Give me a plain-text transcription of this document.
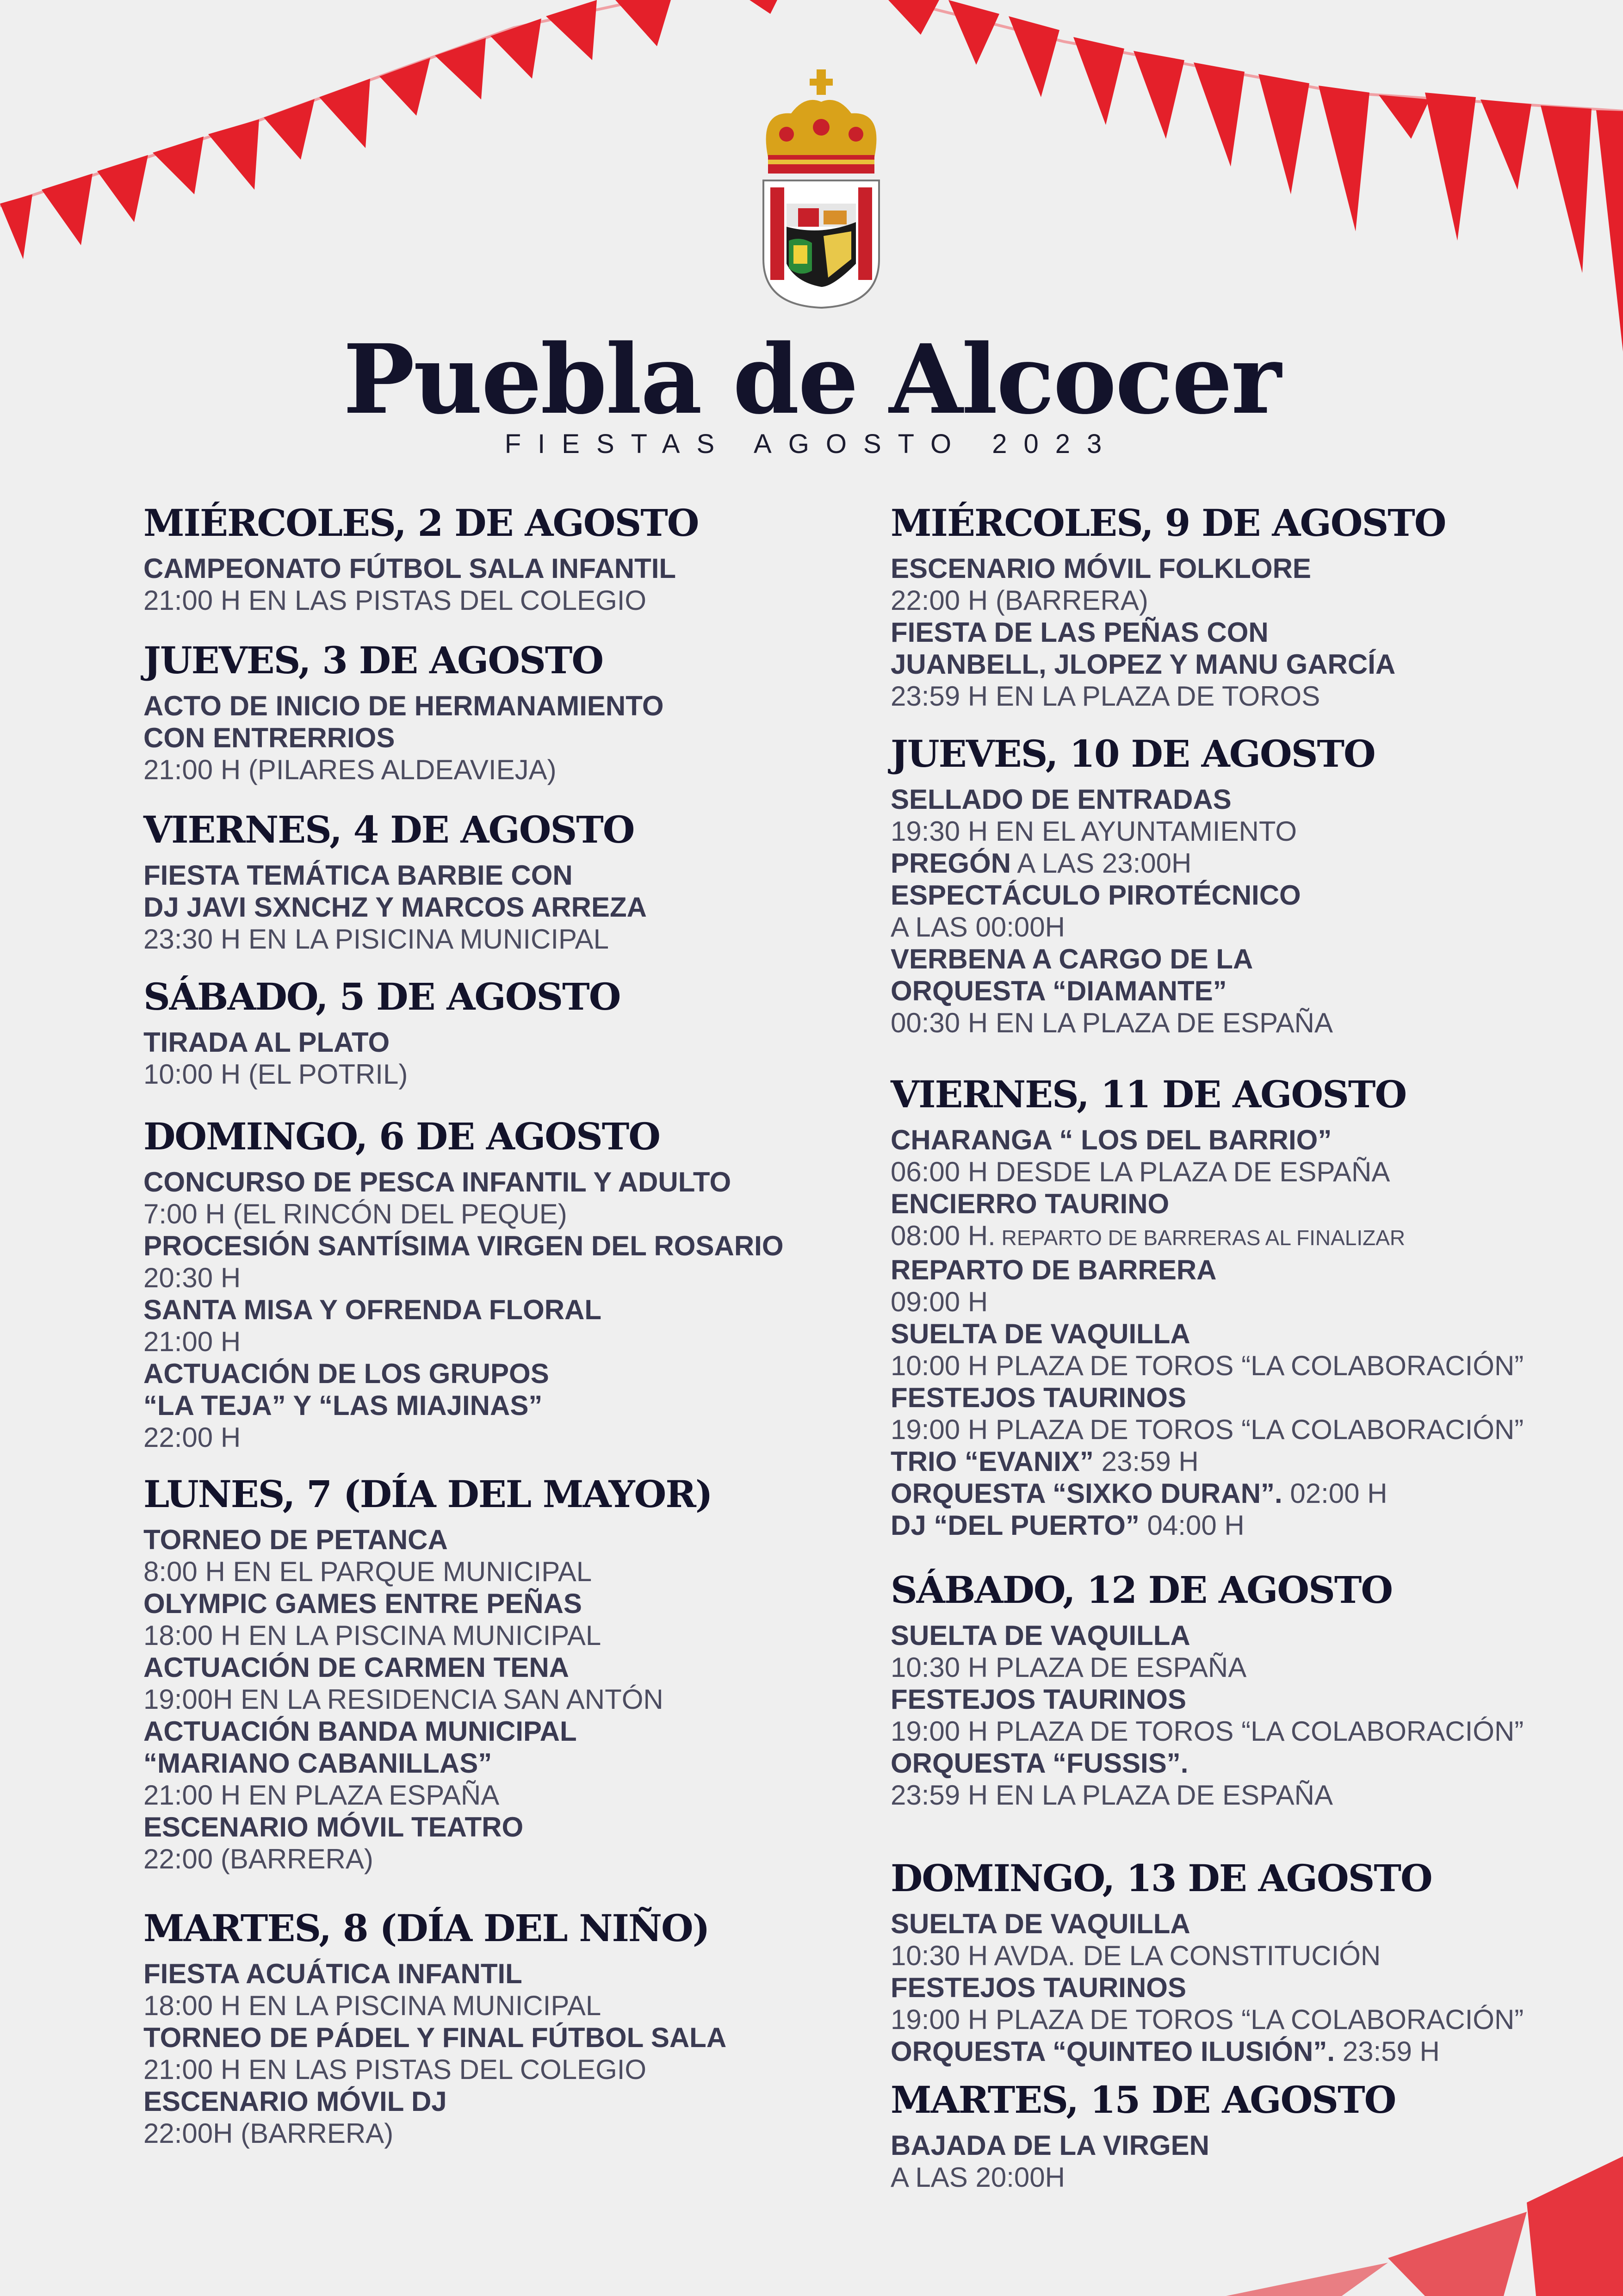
Puebla de Alcocer
FIESTAS AGOSTO 2023
MIÉRCOLES, 2 DE AGOSTO
CAMPEONATO FÚTBOL SALA INFANTIL
21:00 H EN LAS PISTAS DEL COLEGIO
JUEVES, 3 DE AGOSTO
ACTO DE INICIO DE HERMANAMIENTO
CON ENTRERRIOS
21:00 H (PILARES ALDEAVIEJA)
VIERNES, 4 DE AGOSTO
FIESTA TEMÁTICA BARBIE CON
DJ JAVI SXNCHZ Y MARCOS ARREZA
23:30 H EN LA PISICINA MUNICIPAL
SÁBADO, 5 DE AGOSTO
TIRADA AL PLATO
10:00 H (EL POTRIL)
DOMINGO, 6 DE AGOSTO
CONCURSO DE PESCA INFANTIL Y ADULTO
7:00 H (EL RINCÓN DEL PEQUE)
PROCESIÓN SANTÍSIMA VIRGEN DEL ROSARIO
20:30 H
SANTA MISA Y OFRENDA FLORAL
21:00 H
ACTUACIÓN DE LOS GRUPOS
“LA TEJA” Y “LAS MIAJINAS”
22:00 H
LUNES, 7 (DÍA DEL MAYOR)
TORNEO DE PETANCA
8:00 H EN EL PARQUE MUNICIPAL
OLYMPIC GAMES ENTRE PEÑAS
18:00 H EN LA PISCINA MUNICIPAL
ACTUACIÓN DE CARMEN TENA
19:00H EN LA RESIDENCIA SAN ANTÓN
ACTUACIÓN BANDA MUNICIPAL
“MARIANO CABANILLAS”
21:00 H EN PLAZA ESPAÑA
ESCENARIO MÓVIL TEATRO
22:00 (BARRERA)
MARTES, 8 (DÍA DEL NIÑO)
FIESTA ACUÁTICA INFANTIL
18:00 H EN LA PISCINA MUNICIPAL
TORNEO DE PÁDEL Y FINAL FÚTBOL SALA
21:00 H EN LAS PISTAS DEL COLEGIO
ESCENARIO MÓVIL DJ
22:00H (BARRERA)
MIÉRCOLES, 9 DE AGOSTO
ESCENARIO MÓVIL FOLKLORE
22:00 H (BARRERA)
FIESTA DE LAS PEÑAS CON
JUANBELL, JLOPEZ Y MANU GARCÍA
23:59 H EN LA PLAZA DE TOROS
JUEVES, 10 DE AGOSTO
SELLADO DE ENTRADAS
19:30 H EN EL AYUNTAMIENTO
PREGÓN A LAS 23:00H
ESPECTÁCULO PIROTÉCNICO
A LAS 00:00H
VERBENA A CARGO DE LA
ORQUESTA “DIAMANTE”
00:30 H EN LA PLAZA DE ESPAÑA
VIERNES, 11 DE AGOSTO
CHARANGA “ LOS DEL BARRIO”
06:00 H DESDE LA PLAZA DE ESPAÑA
ENCIERRO TAURINO
08:00 H. REPARTO DE BARRERAS AL FINALIZAR
REPARTO DE BARRERA
09:00 H
SUELTA DE VAQUILLA
10:00 H PLAZA DE TOROS “LA COLABORACIÓN”
FESTEJOS TAURINOS
19:00 H PLAZA DE TOROS “LA COLABORACIÓN”
TRIO “EVANIX” 23:59 H
ORQUESTA “SIXKO DURAN”. 02:00 H
DJ “DEL PUERTO” 04:00 H
SÁBADO, 12 DE AGOSTO
SUELTA DE VAQUILLA
10:30 H PLAZA DE ESPAÑA
FESTEJOS TAURINOS
19:00 H PLAZA DE TOROS “LA COLABORACIÓN”
ORQUESTA “FUSSIS”.
23:59 H EN LA PLAZA DE ESPAÑA
DOMINGO, 13 DE AGOSTO
SUELTA DE VAQUILLA
10:30 H AVDA. DE LA CONSTITUCIÓN
FESTEJOS TAURINOS
19:00 H PLAZA DE TOROS “LA COLABORACIÓN”
ORQUESTA “QUINTEO ILUSIÓN”. 23:59 H
MARTES, 15 DE AGOSTO
BAJADA DE LA VIRGEN
A LAS 20:00H
